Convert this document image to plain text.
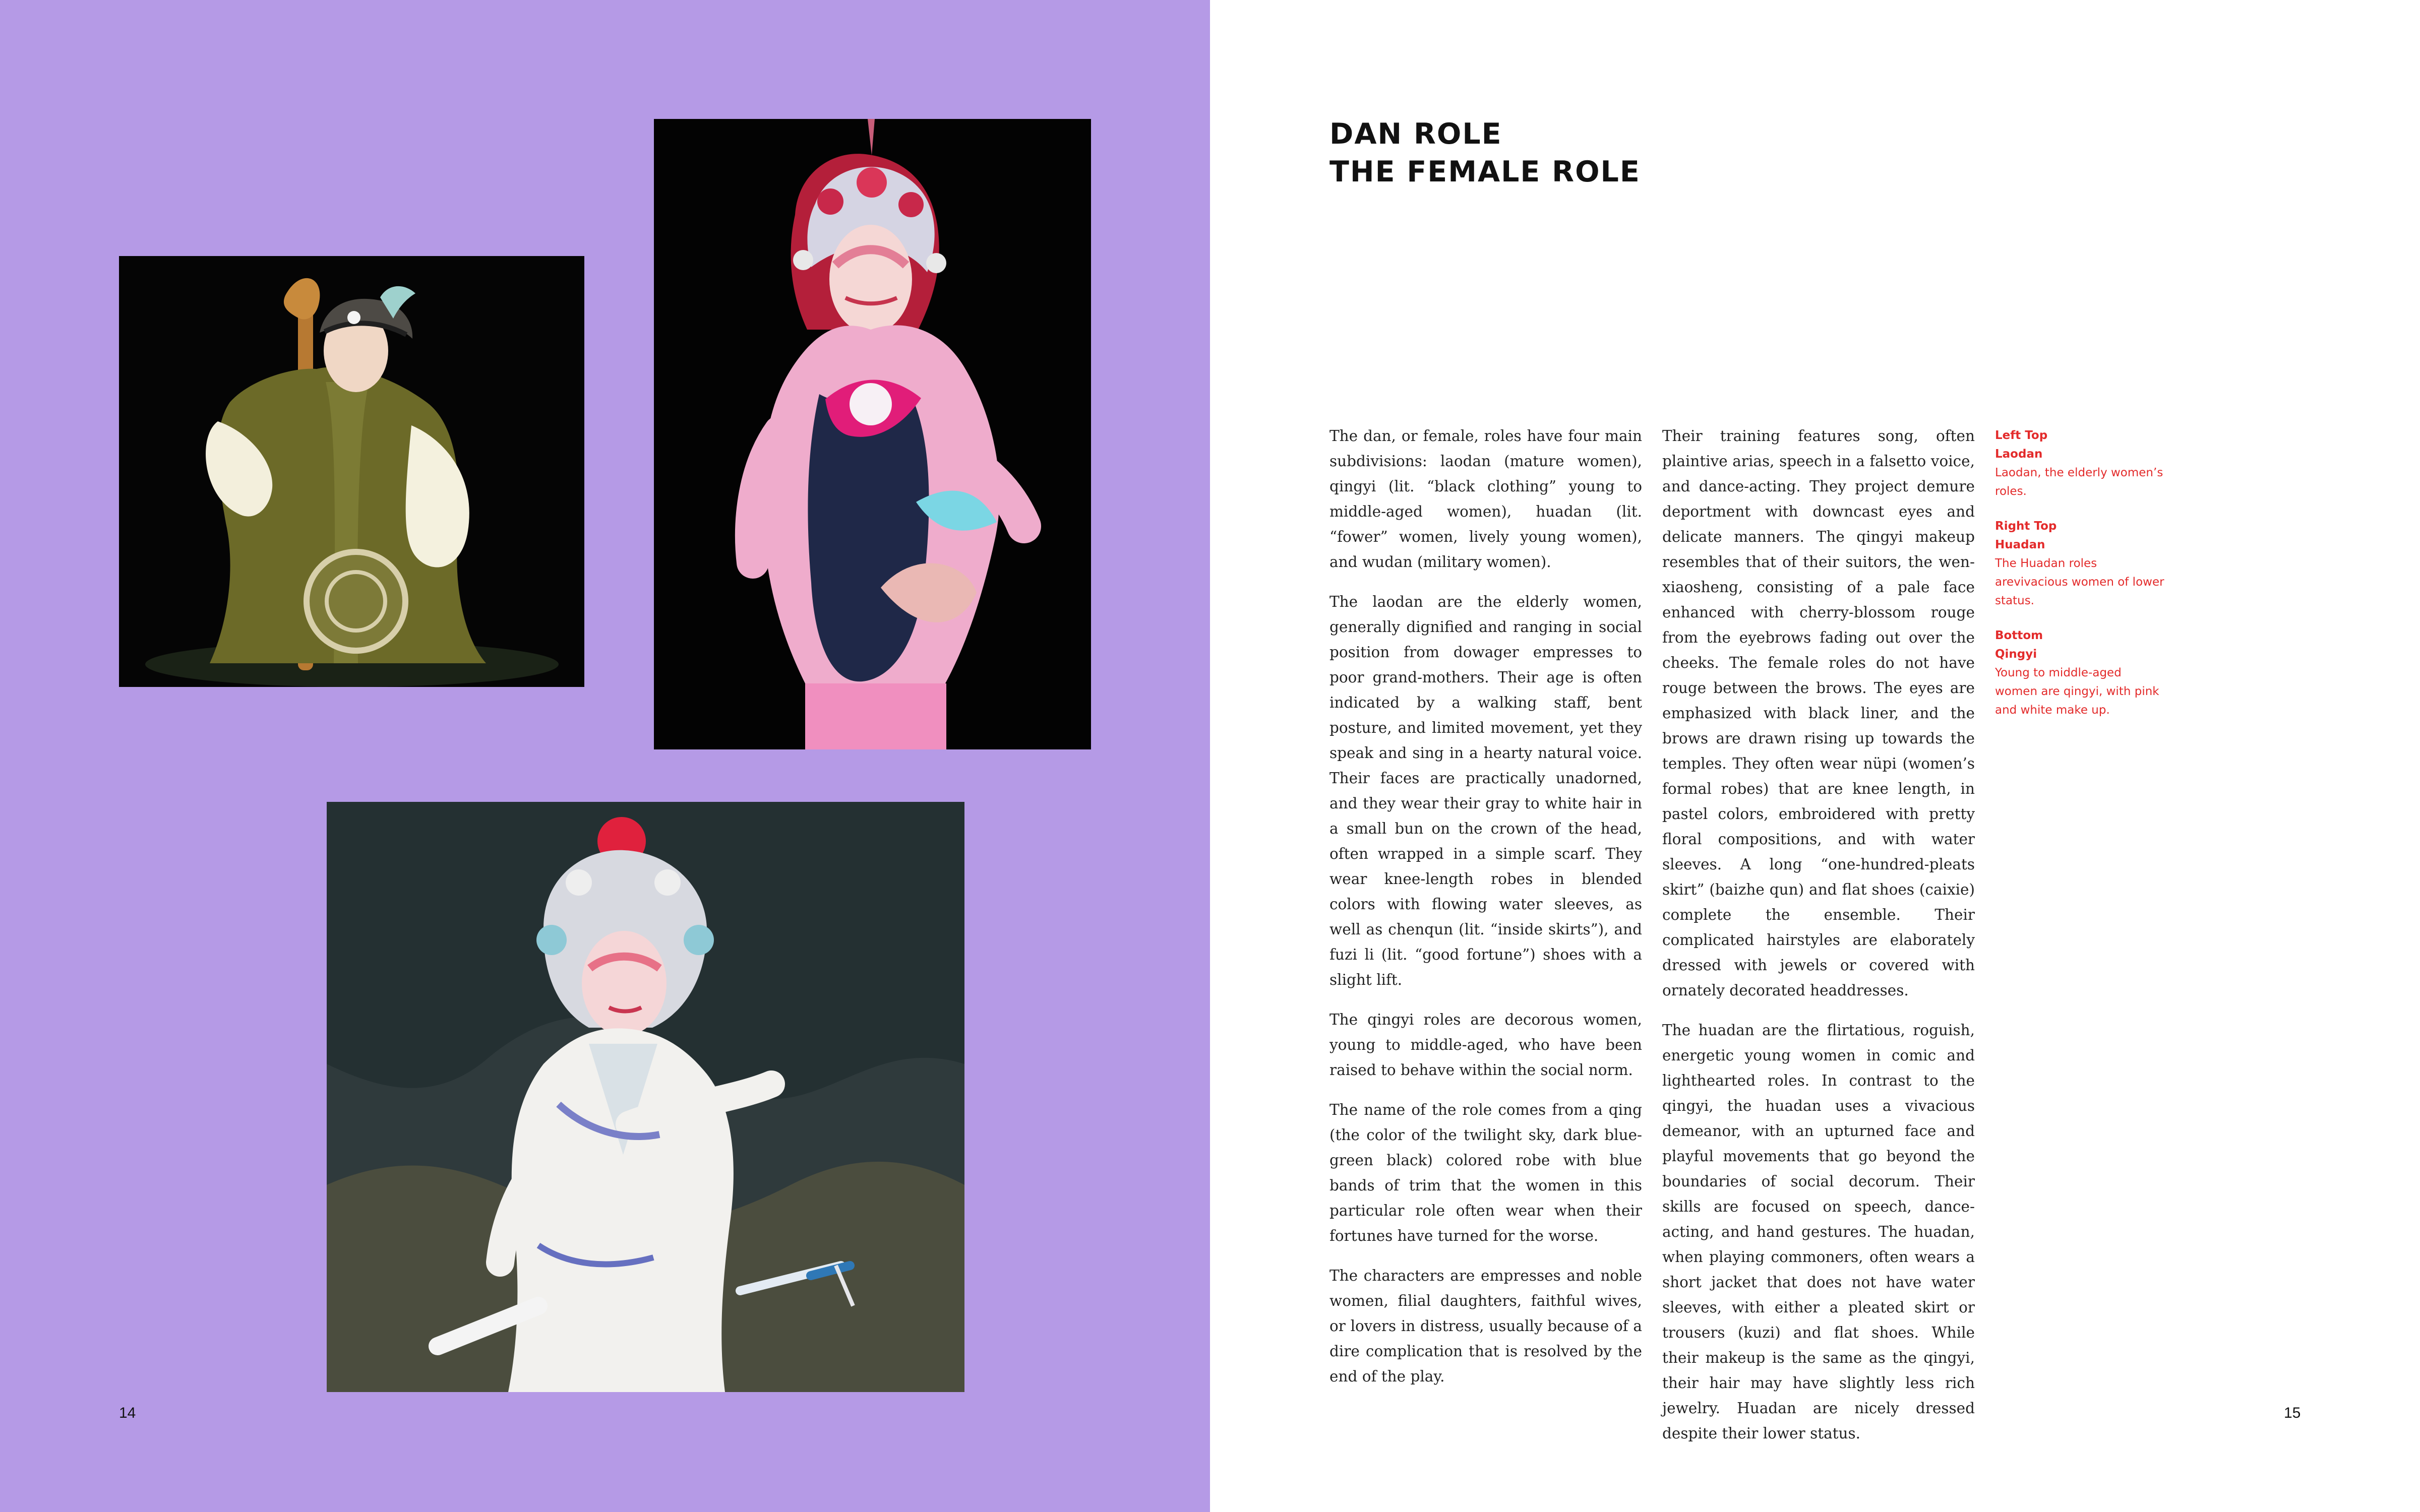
14
DAN ROLE
THE FEMALE ROLE

The dan, or female, roles have four main subdivisions: laodan (mature women), qingyi (lit. “black clothing” young to middle-aged women), huadan (lit. “fower” women, lively young women), and wudan (military women).

The laodan are the elderly women, generally dignified and ranging in social position from dowager empresses to poor grand-mothers. Their age is often indicated by a walking staff, bent posture, and limited movement, yet they speak and sing in a hearty natural voice. Their faces are practically unadorned, and they wear their gray to white hair in a small bun on the crown of the head, often wrapped in a simple scarf. They wear knee-length robes in blended colors with flowing water sleeves, as well as chenqun (lit. “inside skirts”), and fuzi li (lit. “good fortune”) shoes with a slight lift.

The qingyi roles are decorous women, young to middle-aged, who have been raised to behave within the social norm.

The name of the role comes from a qing (the color of the twilight sky, dark blue-green black) colored robe with blue bands of trim that the women in this particular role often wear when their fortunes have turned for the worse.

The characters are empresses and noble women, filial daughters, faithful wives, or lovers in distress, usually because of a dire complication that is resolved by the end of the play.

Their training features song, often plaintive arias, speech in a falsetto voice, and dance-acting. They project demure deportment with downcast eyes and delicate manners. The qingyi makeup resembles that of their suitors, the wen-xiaosheng, consisting of a pale face enhanced with cherry-blossom rouge from the eyebrows fading out over the cheeks. The female roles do not have rouge between the brows. The eyes are emphasized with black liner, and the brows are drawn rising up towards the temples. They often wear nüpi (women’s formal robes) that are knee length, in pastel colors, embroidered with pretty floral compositions, and with water sleeves. A long “one-hundred-pleats skirt” (baizhe qun) and flat shoes (caixie) complete the ensemble. Their complicated hairstyles are elaborately dressed with jewels or covered with ornately decorated headdresses.

The huadan are the flirtatious, roguish, energetic young women in comic and lighthearted roles. In contrast to the qingyi, the huadan uses a vivacious demeanor, with an upturned face and playful movements that go beyond the boundaries of social decorum. Their skills are focused on speech, dance-acting, and hand gestures. The huadan, when playing commoners, often wears a short jacket that does not have water sleeves, with either a pleated skirt or trousers (kuzi) and flat shoes. While their makeup is the same as the qingyi, their hair may have slightly less rich jewelry. Huadan are nicely dressed despite their lower status.

Left Top
Laodan
Laodan, the elderly women’s roles.
Right Top
Huadan
The Huadan roles arevivacious women of lower status.
Bottom
Qingyi
Young to middle-aged women are qingyi, with pink and white make up.
15
